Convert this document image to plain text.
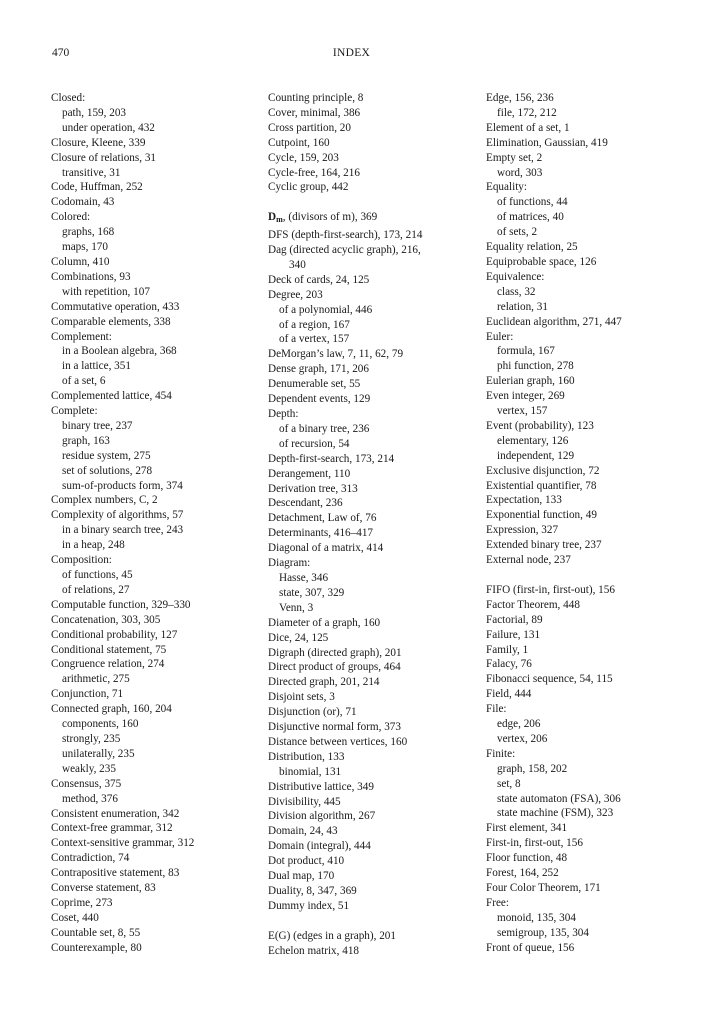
470	INDEX
Closed:
path, 159, 203
under operation, 432
Closure, Kleene, 339
Closure of relations, 31
transitive, 31
Code, Huffman, 252
Codomain, 43
Colored:
graphs, 168
maps, 170
Column, 410
Combinations, 93
with repetition, 107
Commutative operation, 433
Comparable elements, 338
Complement:
in a Boolean algebra, 368
in a lattice, 351
of a set, 6
Complemented lattice, 454
Complete:
binary tree, 237
graph, 163
residue system, 275
set of solutions, 278
sum-of-products form, 374
Complex numbers, C, 2
Complexity of algorithms, 57
in a binary search tree, 243
in a heap, 248
Composition:
of functions, 45
of relations, 27
Computable function, 329–330
Concatenation, 303, 305
Conditional probability, 127
Conditional statement, 75
Congruence relation, 274
arithmetic, 275
Conjunction, 71
Connected graph, 160, 204
components, 160
strongly, 235
unilaterally, 235
weakly, 235
Consensus, 375
method, 376
Consistent enumeration, 342
Context-free grammar, 312
Context-sensitive grammar, 312
Contradiction, 74
Contrapositive statement, 83
Converse statement, 83
Coprime, 273
Coset, 440
Countable set, 8, 55
Counterexample, 80
Counting principle, 8
Cover, minimal, 386
Cross partition, 20
Cutpoint, 160
Cycle, 159, 203
Cycle-free, 164, 216
Cyclic group, 442
Dm, (divisors of m), 369
DFS (depth-first-search), 173, 214
Dag (directed acyclic graph), 216,
340
Deck of cards, 24, 125
Degree, 203
of a polynomial, 446
of a region, 167
of a vertex, 157
DeMorgan’s law, 7, 11, 62, 79
Dense graph, 171, 206
Denumerable set, 55
Dependent events, 129
Depth:
of a binary tree, 236
of recursion, 54
Depth-first-search, 173, 214
Derangement, 110
Derivation tree, 313
Descendant, 236
Detachment, Law of, 76
Determinants, 416–417
Diagonal of a matrix, 414
Diagram:
Hasse, 346
state, 307, 329
Venn, 3
Diameter of a graph, 160
Dice, 24, 125
Digraph (directed graph), 201
Direct product of groups, 464
Directed graph, 201, 214
Disjoint sets, 3
Disjunction (or), 71
Disjunctive normal form, 373
Distance between vertices, 160
Distribution, 133
binomial, 131
Distributive lattice, 349
Divisibility, 445
Division algorithm, 267
Domain, 24, 43
Domain (integral), 444
Dot product, 410
Dual map, 170
Duality, 8, 347, 369
Dummy index, 51
E(G) (edges in a graph), 201
Echelon matrix, 418
Edge, 156, 236
file, 172, 212
Element of a set, 1
Elimination, Gaussian, 419
Empty set, 2
word, 303
Equality:
of functions, 44
of matrices, 40
of sets, 2
Equality relation, 25
Equiprobable space, 126
Equivalence:
class, 32
relation, 31
Euclidean algorithm, 271, 447
Euler:
formula, 167
phi function, 278
Eulerian graph, 160
Even integer, 269
vertex, 157
Event (probability), 123
elementary, 126
independent, 129
Exclusive disjunction, 72
Existential quantifier, 78
Expectation, 133
Exponential function, 49
Expression, 327
Extended binary tree, 237
External node, 237
FIFO (first-in, first-out), 156
Factor Theorem, 448
Factorial, 89
Failure, 131
Family, 1
Falacy, 76
Fibonacci sequence, 54, 115
Field, 444
File:
edge, 206
vertex, 206
Finite:
graph, 158, 202
set, 8
state automaton (FSA), 306
state machine (FSM), 323
First element, 341
First-in, first-out, 156
Floor function, 48
Forest, 164, 252
Four Color Theorem, 171
Free:
monoid, 135, 304
semigroup, 135, 304
Front of queue, 156
